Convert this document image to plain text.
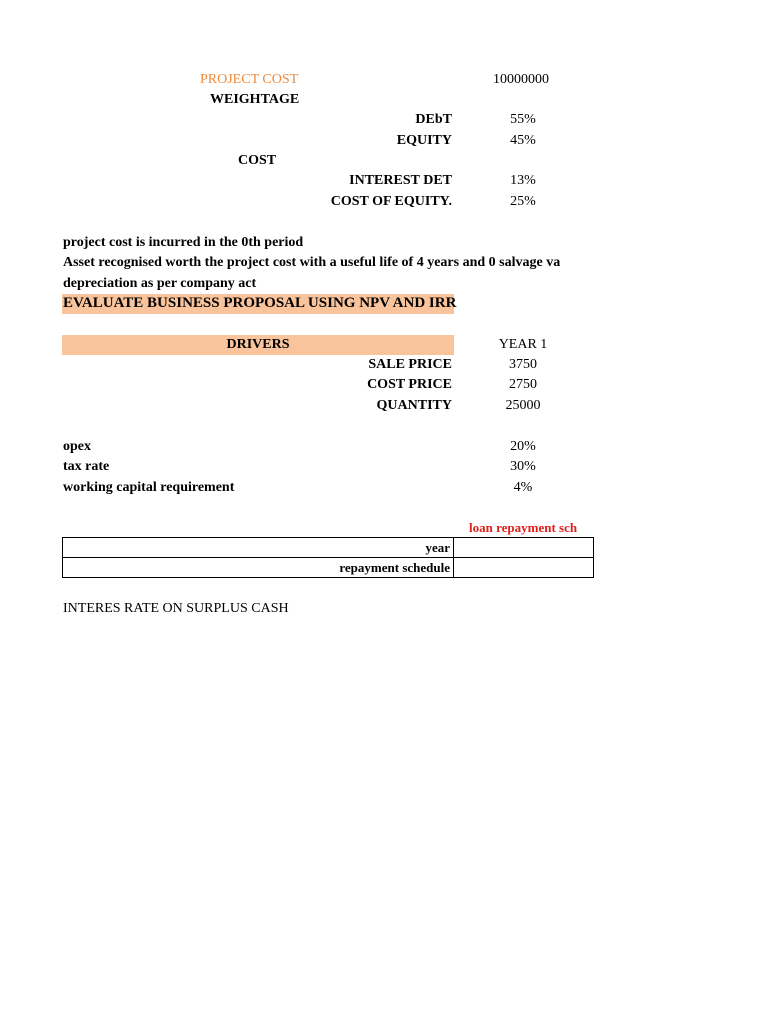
PROJECT COST	10000000
WEIGHTAGE
DEbT	55%
EQUITY	45%
COST
INTEREST DET	13%
COST OF EQUITY.	25%
project cost is incurred in the 0th period
Asset recognised worth the project cost with a useful life of 4 years and 0 salvage va
depreciation as per company act
EVALUATE BUSINESS PROPOSAL USING NPV AND IRR
DRIVERS	YEAR 1
SALE PRICE	3750
COST PRICE	2750
QUANTITY	25000
opex	20%
tax rate	30%
working capital requirement	4%
loan repayment sch
year	
repayment schedule	
INTERES RATE ON SURPLUS CASH
